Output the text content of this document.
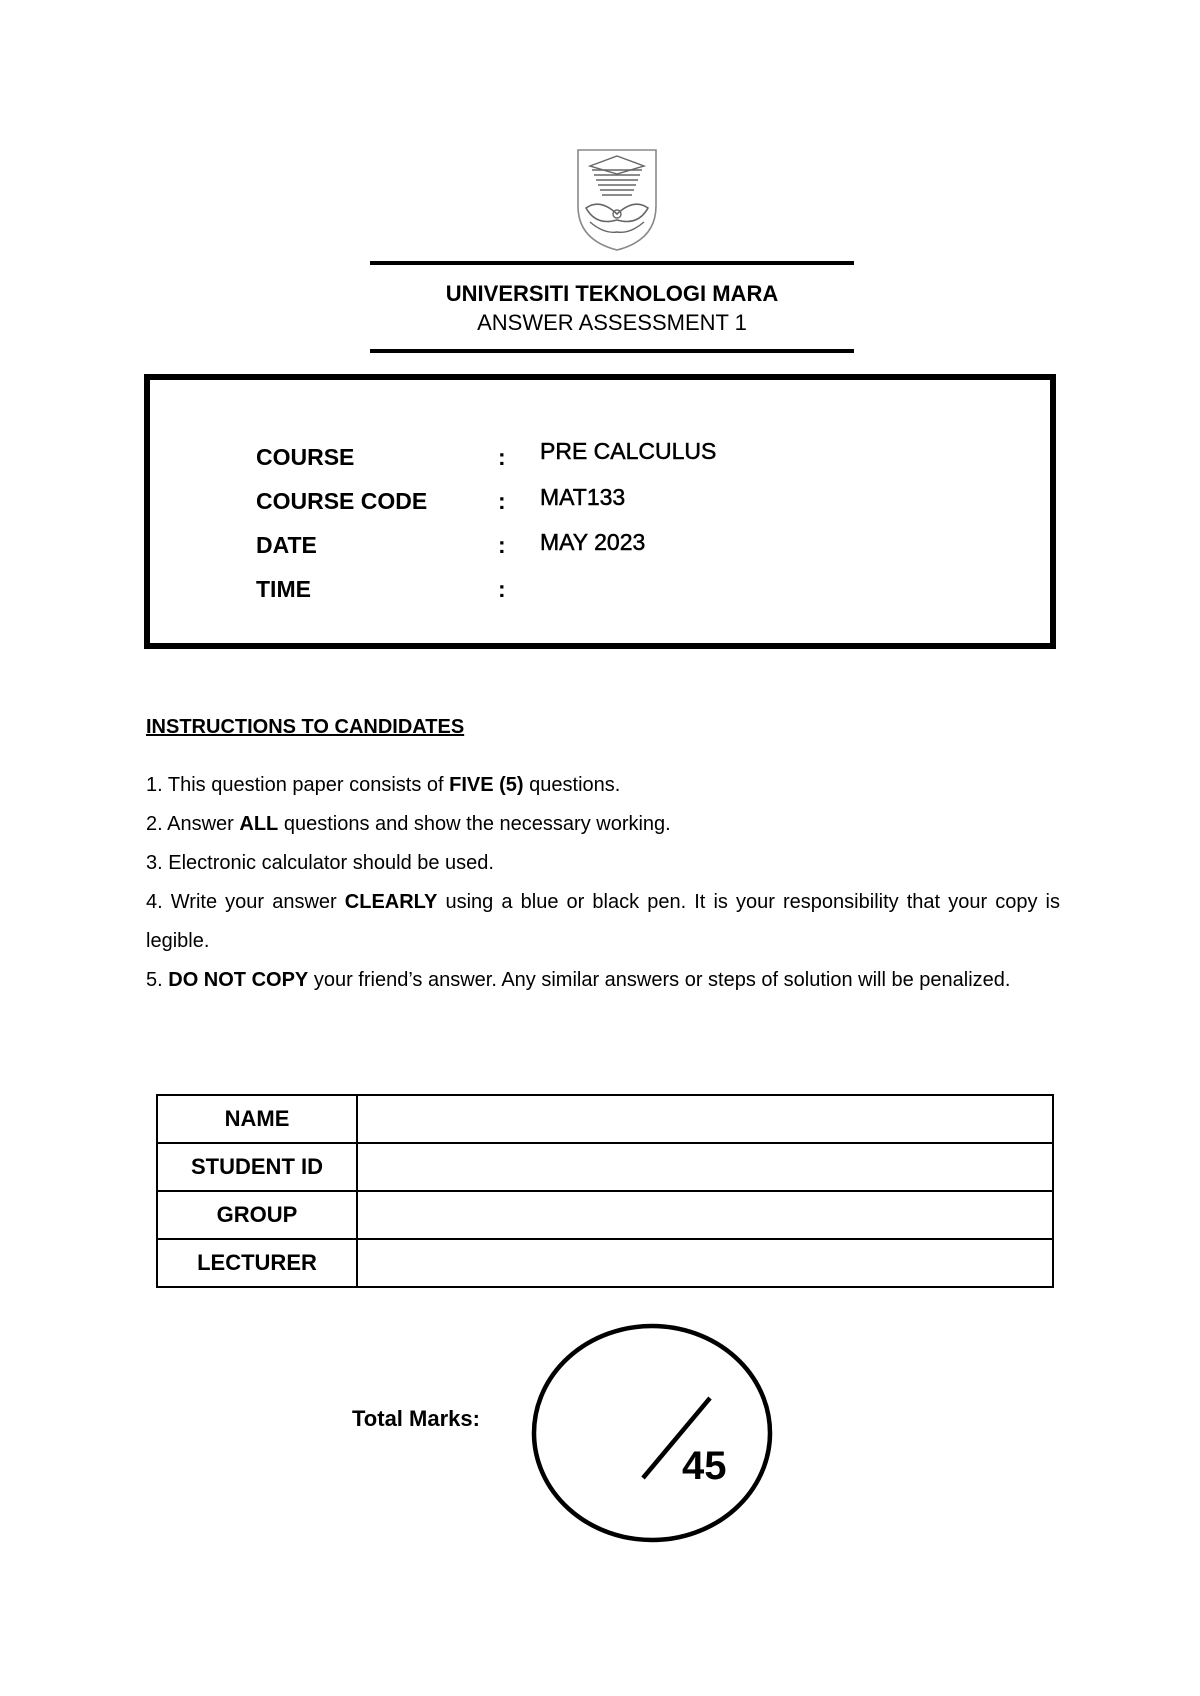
UNIVERSITI TEKNOLOGI MARA
ANSWER ASSESSMENT 1
COURSE	: PRE CALCULUS
COURSE CODE	: MAT133
DATE	: MAY 2023
TIME	:
INSTRUCTIONS TO CANDIDATES
1. This question paper consists of FIVE (5) questions.
2. Answer ALL questions and show the necessary working.
3. Electronic calculator should be used.
4. Write your answer CLEARLY using a blue or black pen. It is your responsibility that your copy is legible.
5. DO NOT COPY your friend’s answer. Any similar answers or steps of solution will be penalized.
NAME	
STUDENT ID	
GROUP	
LECTURER	
Total Marks:
45
